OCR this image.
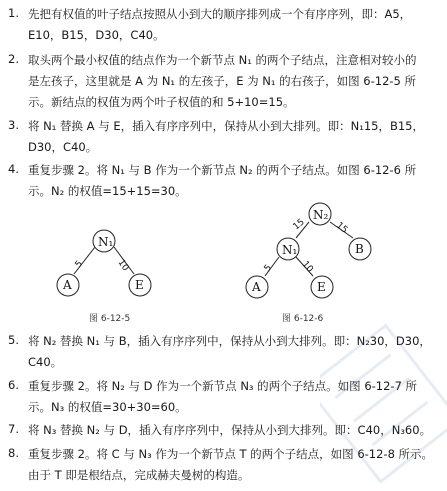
1. 先把有权值的叶子结点按照从小到大的顺序排列成一个有序序列，即：A5，
E10，B15，D30，C40。
2. 取头两个最小权值的结点作为一个新节点 N₁ 的两个子结点，注意相对较小的
是左孩子，这里就是 A 为 N₁ 的左孩子，E 为 N₁ 的右孩子，如图 6-12-5 所
示。新结点的权值为两个叶子权值的和 5+10=15。
3. 将 N₁ 替换 A 与 E，插入有序序列中，保持从小到大排列。即：N₁15，B15，
D30，C40。
4. 重复步骤 2。将 N₁ 与 B 作为一个新节点 N₂ 的两个子结点。如图 6-12-6 所
示。N₂ 的权值=15+15=30。
N₁
A	E
5	10
N₂
N₁	B
A	E
15	15
5	10
图 6-12-5	图 6-12-6
5. 将 N₂ 替换 N₁ 与 B，插入有序序列中，保持从小到大排列。即：N₂30，D30，
C40。
6. 重复步骤 2。将 N₂ 与 D 作为一个新节点 N₃ 的两个子结点。如图 6-12-7 所
示。N₃ 的权值=30+30=60。
7. 将 N₃ 替换 N₂ 与 D，插入有序序列中，保持从小到大排列。即：C40，N₃60。
8. 重复步骤 2。将 C 与 N₃ 作为一个新节点 T 的两个子结点，如图 6-12-8 所示。
由于 T 即是根结点，完成赫夫曼树的构造。
